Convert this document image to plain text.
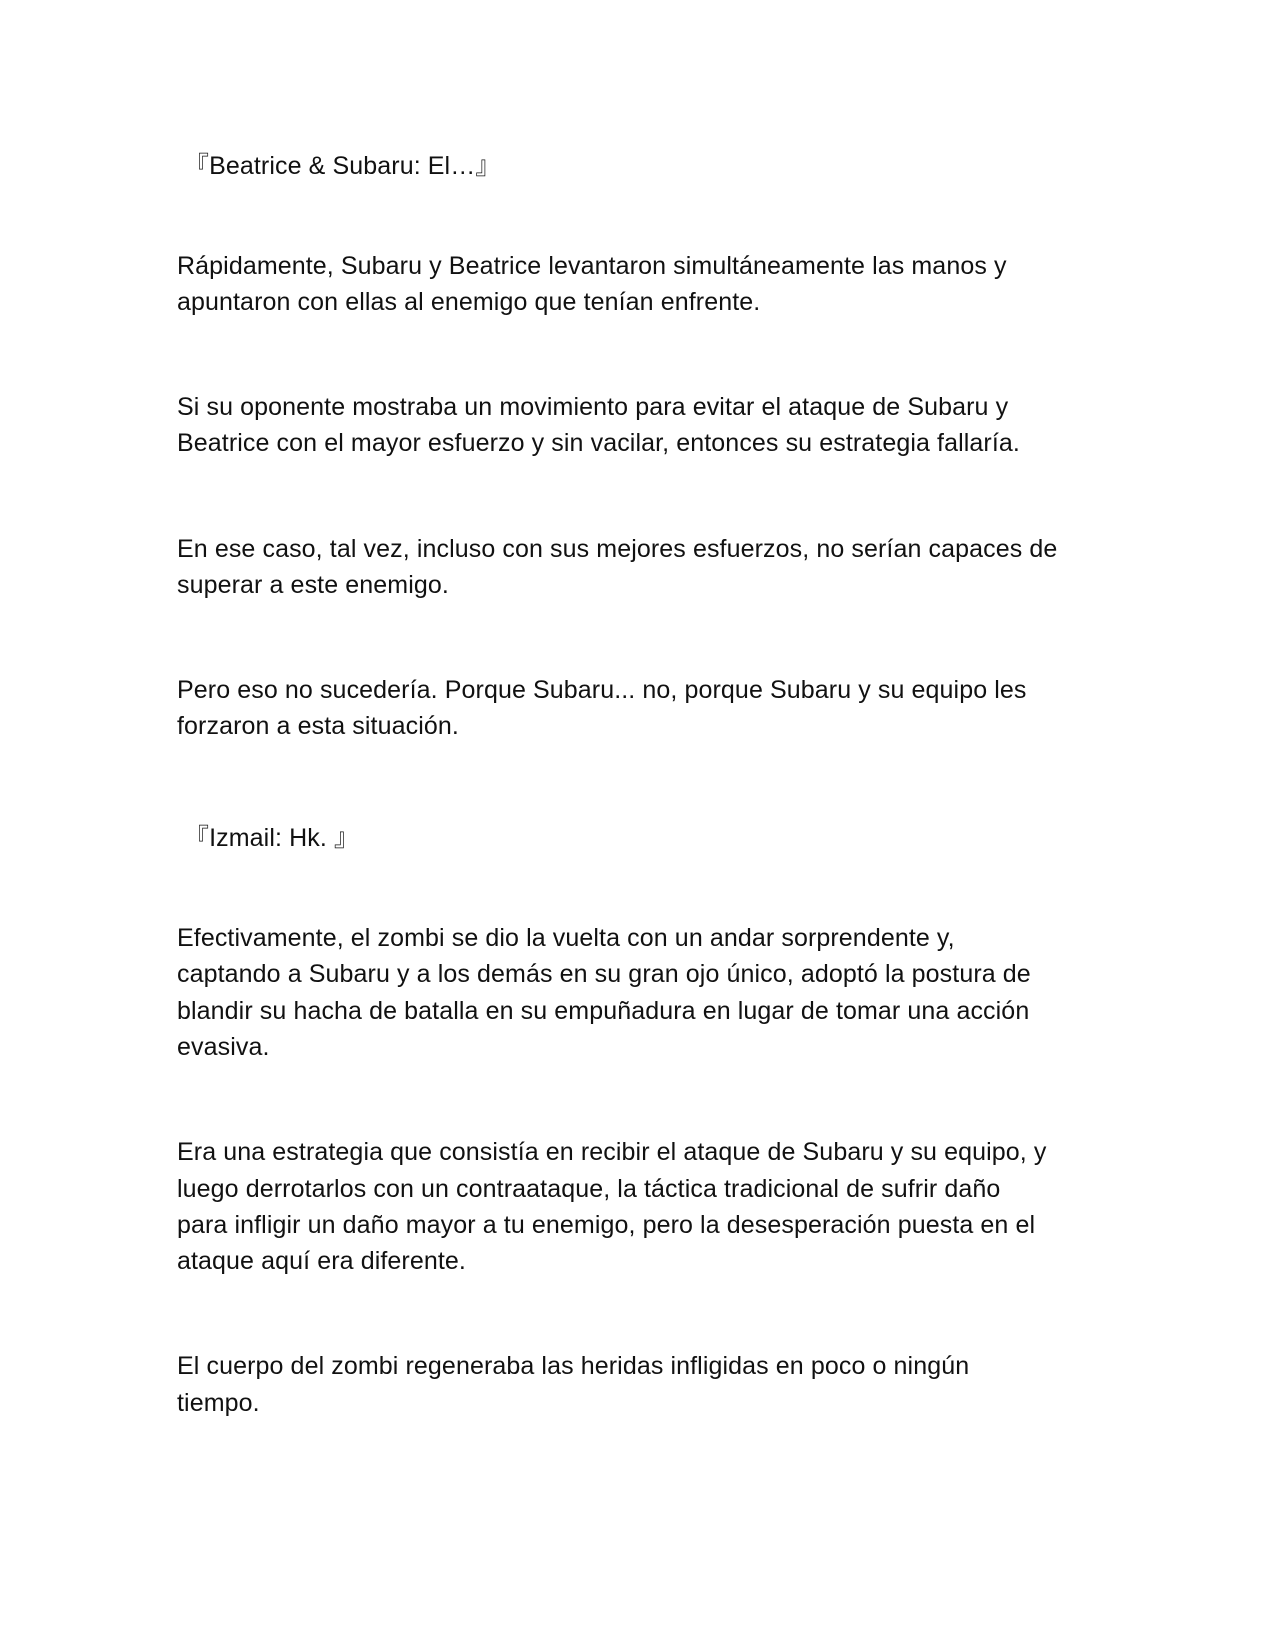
『Beatrice & Subaru: El…』

Rápidamente, Subaru y Beatrice levantaron simultáneamente las manos y

apuntaron con ellas al enemigo que tenían enfrente.

Si su oponente mostraba un movimiento para evitar el ataque de Subaru y

Beatrice con el mayor esfuerzo y sin vacilar, entonces su estrategia fallaría.

En ese caso, tal vez, incluso con sus mejores esfuerzos, no serían capaces de

superar a este enemigo.

Pero eso no sucedería. Porque Subaru... no, porque Subaru y su equipo les

forzaron a esta situación.

『Izmail: Hk. 』

Efectivamente, el zombi se dio la vuelta con un andar sorprendente y,

captando a Subaru y a los demás en su gran ojo único, adoptó la postura de

blandir su hacha de batalla en su empuñadura en lugar de tomar una acción

evasiva.

Era una estrategia que consistía en recibir el ataque de Subaru y su equipo, y

luego derrotarlos con un contraataque, la táctica tradicional de sufrir daño

para infligir un daño mayor a tu enemigo, pero la desesperación puesta en el

ataque aquí era diferente.

El cuerpo del zombi regeneraba las heridas infligidas en poco o ningún

tiempo.
